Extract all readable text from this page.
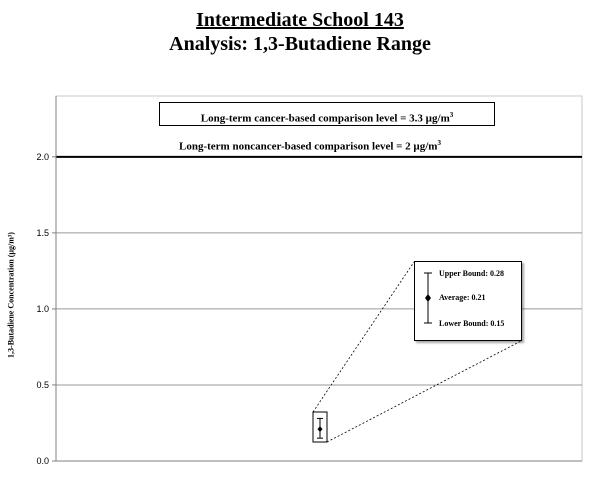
Intermediate School 143
Analysis: 1,3-Butadiene Range
0.0
0.5
1.0
1.5
2.0
1,3-Butadiene Concentration (µg/m³)
Long-term cancer-based comparison level = 3.3 $\mu g/m^3$
Long-term noncancer-based comparison level = 2 $\mu g/m^3$
Upper Bound: 0.28
Average: 0.21
Lower Bound: 0.15
